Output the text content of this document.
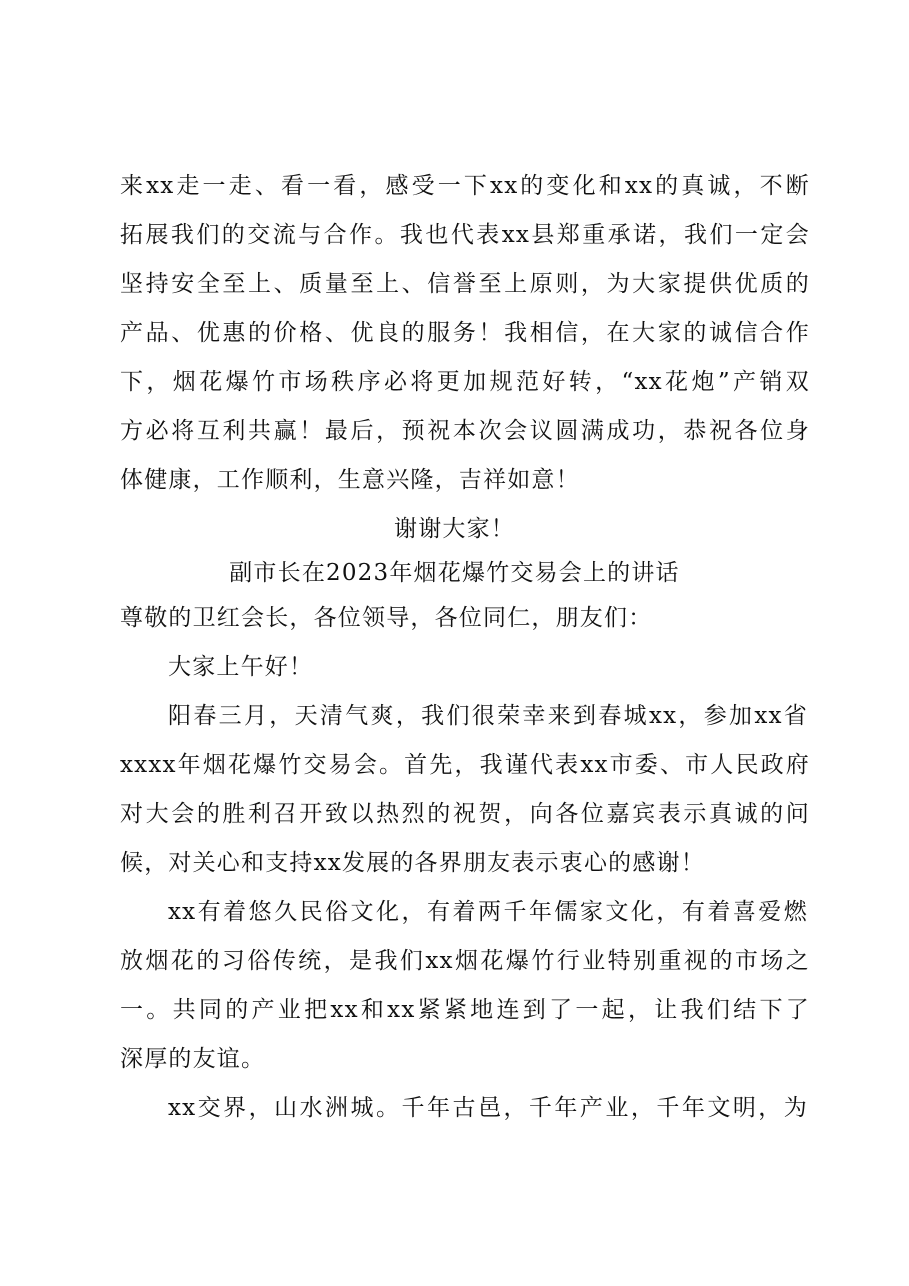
来xx走一走、看一看，感受一下xx的变化和xx的真诚，不断
拓展我们的交流与合作。我也代表xx县郑重承诺，我们一定会
坚持安全至上、质量至上、信誉至上原则，为大家提供优质的
产品、优惠的价格、优良的服务！我相信，在大家的诚信合作
下，烟花爆竹市场秩序必将更加规范好转，“xx花炮”产销双
方必将互利共赢！最后，预祝本次会议圆满成功，恭祝各位身
体健康，工作顺利，生意兴隆，吉祥如意！
谢谢大家！
副市长在2023年烟花爆竹交易会上的讲话
尊敬的卫红会长，各位领导，各位同仁，朋友们：
大家上午好！
阳春三月，天清气爽，我们很荣幸来到春城xx，参加xx省
xxxx年烟花爆竹交易会。首先，我谨代表xx市委、市人民政府
对大会的胜利召开致以热烈的祝贺，向各位嘉宾表示真诚的问
候，对关心和支持xx发展的各界朋友表示衷心的感谢！
xx有着悠久民俗文化，有着两千年儒家文化，有着喜爱燃
放烟花的习俗传统，是我们xx烟花爆竹行业特别重视的市场之
一。共同的产业把xx和xx紧紧地连到了一起，让我们结下了
深厚的友谊。
xx交界，山水洲城。千年古邑，千年产业，千年文明，为
